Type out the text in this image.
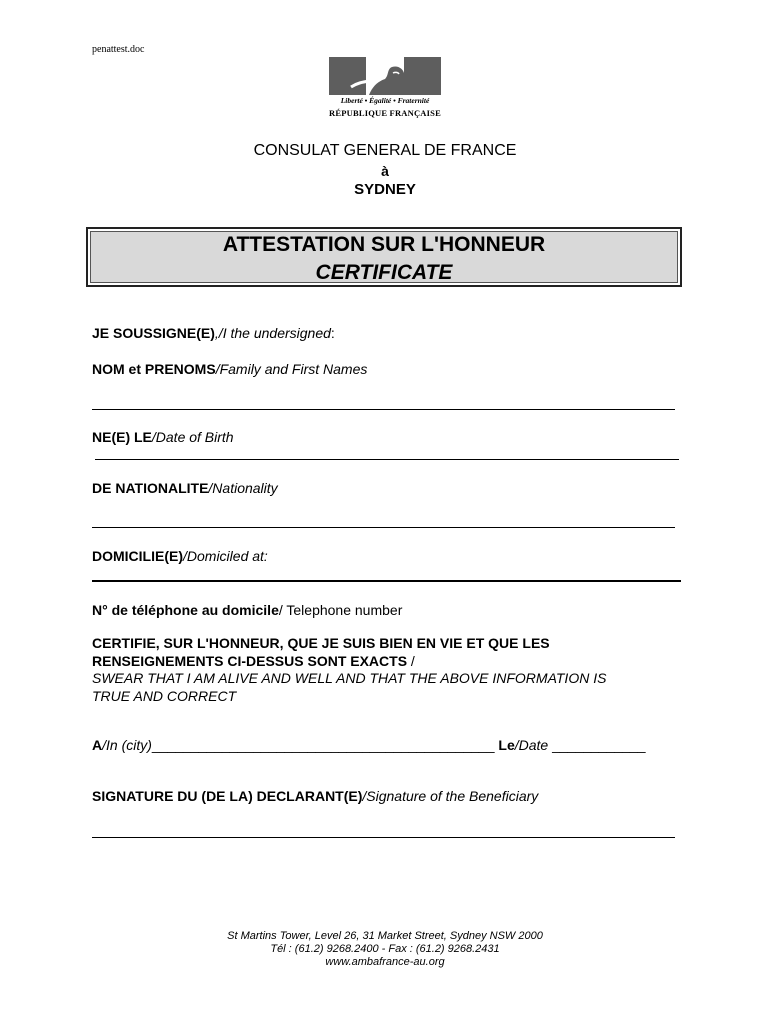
penattest.doc
Liberté • Égalité • Fraternité
RÉPUBLIQUE FRANÇAISE
CONSULAT GENERAL DE FRANCE
à
SYDNEY
ATTESTATION SUR L'HONNEUR
CERTIFICATE
JE SOUSSIGNE(E),/I the undersigned:
NOM et PRENOMS/Family and First Names
NE(E) LE/Date of Birth
DE NATIONALITE/Nationality
DOMICILIE(E)/Domiciled at:
N° de téléphone au domicile/ Telephone number
CERTIFIE, SUR L'HONNEUR, QUE JE SUIS BIEN EN VIE ET QUE LES
RENSEIGNEMENTS CI-DESSUS SONT EXACTS /
SWEAR THAT I AM ALIVE AND WELL AND THAT THE ABOVE INFORMATION IS
TRUE AND CORRECT
A/In (city)____________________________________________ Le/Date ____________
SIGNATURE DU (DE LA) DECLARANT(E)/Signature of the Beneficiary
St Martins Tower, Level 26, 31 Market Street, Sydney NSW 2000
Tél : (61.2) 9268.2400 - Fax : (61.2) 9268.2431
www.ambafrance-au.org
